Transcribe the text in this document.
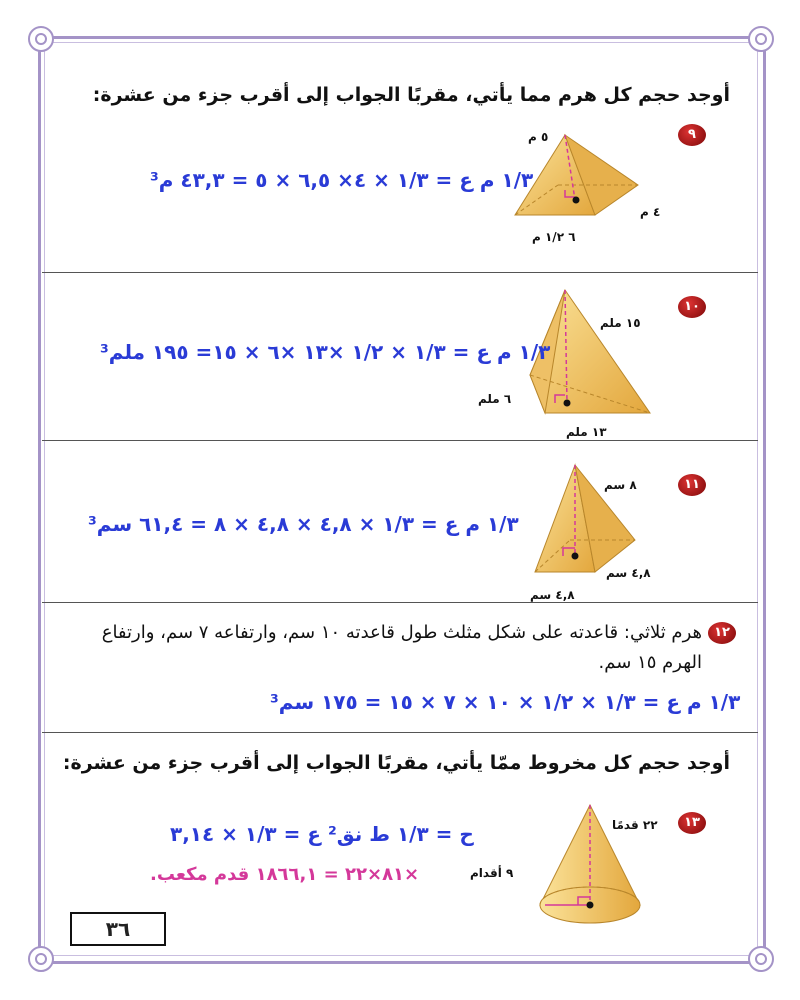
أوجد حجم كل هرم مما يأتي، مقربًا الجواب إلى أقرب جزء من عشرة:
٩
٥ م
٤ م
٦ ١/٢ م
١/٣ م ع = ١/٣ × ٤× ٦,٥ × ٥ = ٤٣,٣ م³
١٠
١٥ ملم
٦ ملم
١٣ ملم
١/٣ م ع = ١/٣ × ١/٢ ×١٣ ×٦ × ١٥= ١٩٥ ملم³
١١
٨ سم
٤,٨ سم
٤,٨ سم
١/٣ م ع = ١/٣ × ٤,٨ × ٤,٨ × ٨ = ٦١,٤ سم³
١٢
هرم ثلاثي: قاعدته على شكل مثلث طول قاعدته ١٠ سم، وارتفاعه ٧ سم، وارتفاع الهرم ١٥ سم.
١/٣ م ع = ١/٣ × ١/٢ × ١٠ × ٧ × ١٥ = ١٧٥ سم³
أوجد حجم كل مخروط ممّا يأتي، مقربًا الجواب إلى أقرب جزء من عشرة:
١٣
٢٢ قدمًا
٩ أقدام
ح = ١/٣ ط نق² ع = ١/٣ × ٣,١٤
×٨١×٢٢ = ١٨٦٦,١ قدم مكعب.
٣٦
